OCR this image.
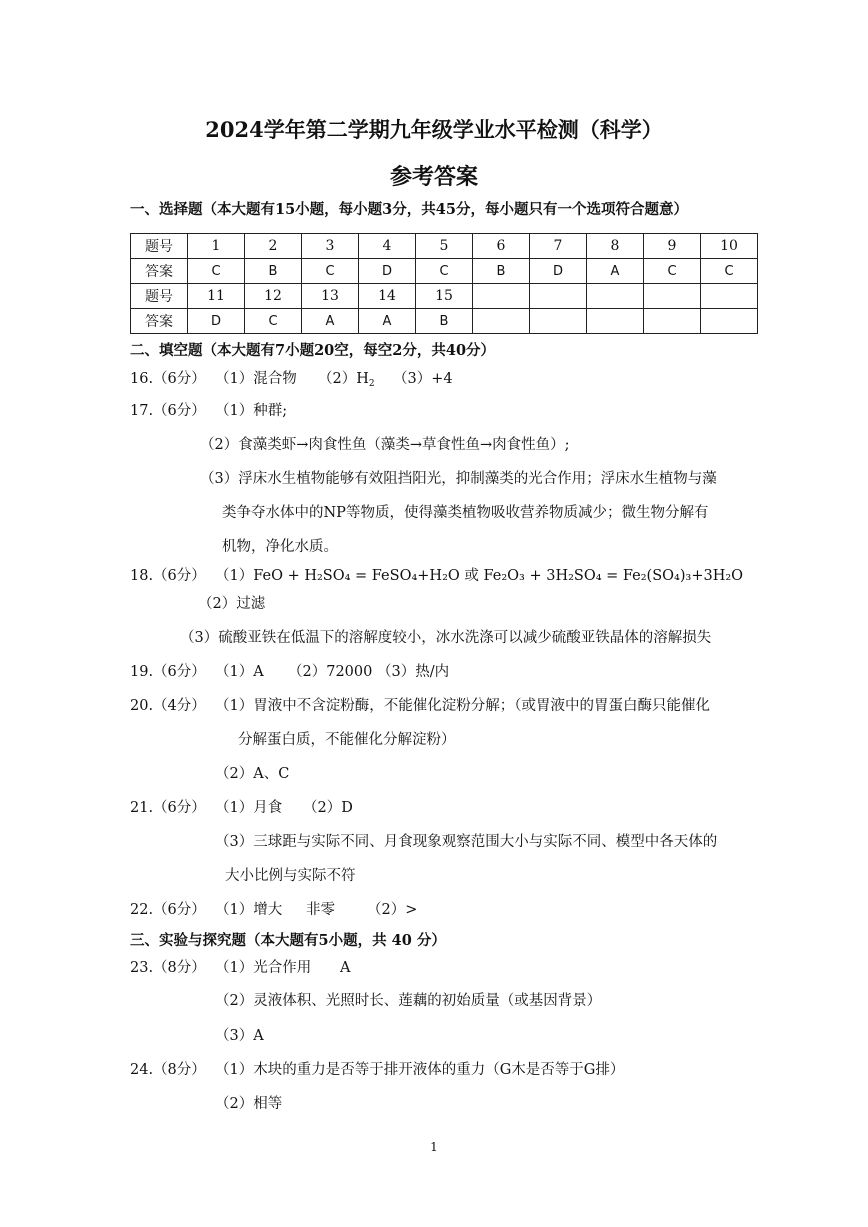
2024学年第二学期九年级学业水平检测（科学）
参考答案
一、选择题（本大题有15小题，每小题3分，共45分，每小题只有一个选项符合题意）
题号	1	2	3	4	5	6	7	8	9	10
答案	C	B	C	D	C	B	D	A	C	C
题号	11	12	13	14	15					
答案	D	C	A	A	B					
二、填空题（本大题有7小题20空，每空2分，共40分）
16.（6分） （1）混合物 $(2)H_2$ （3）+4
17.（6分） （1）种群;
（2）食藻类虾→肉食性鱼（藻类→草食性鱼→肉食性鱼）;
（3）浮床水生植物能够有效阻挡阳光，抑制藻类的光合作用；浮床水生植物与藻
类争夺水体中的NP等物质，使得藻类植物吸收营养物质减少；微生物分解有
机物，净化水质。
18.（6分） （1）FeO + H₂SO₄ = FeSO₄+H₂O 或 Fe₂O₃ + 3H₂SO₄ = Fe₂(SO₄)₃+3H₂O
（2）过滤
（3）硫酸亚铁在低温下的溶解度较小，冰水洗涤可以减少硫酸亚铁晶体的溶解损失
19.（6分） （1）A （2）72000 （3）热/内
20.（4分） （1）胃液中不含淀粉酶，不能催化淀粉分解；（或胃液中的胃蛋白酶只能催化
分解蛋白质，不能催化分解淀粉）
（2）A、C
21.（6分） （1）月食 （2）D
（3）三球距与实际不同、月食现象观察范围大小与实际不同、模型中各天体的
大小比例与实际不符
22.（6分） （1）增大 非零 （2）>
三、实验与探究题（本大题有5小题，共 40 分）
23.（8分） （1）光合作用 A
（2）灵液体积、光照时长、莲藕的初始质量（或基因背景）
（3）A
24.（8分） （1）木块的重力是否等于排开液体的重力（G木是否等于G排）
（2）相等
1
